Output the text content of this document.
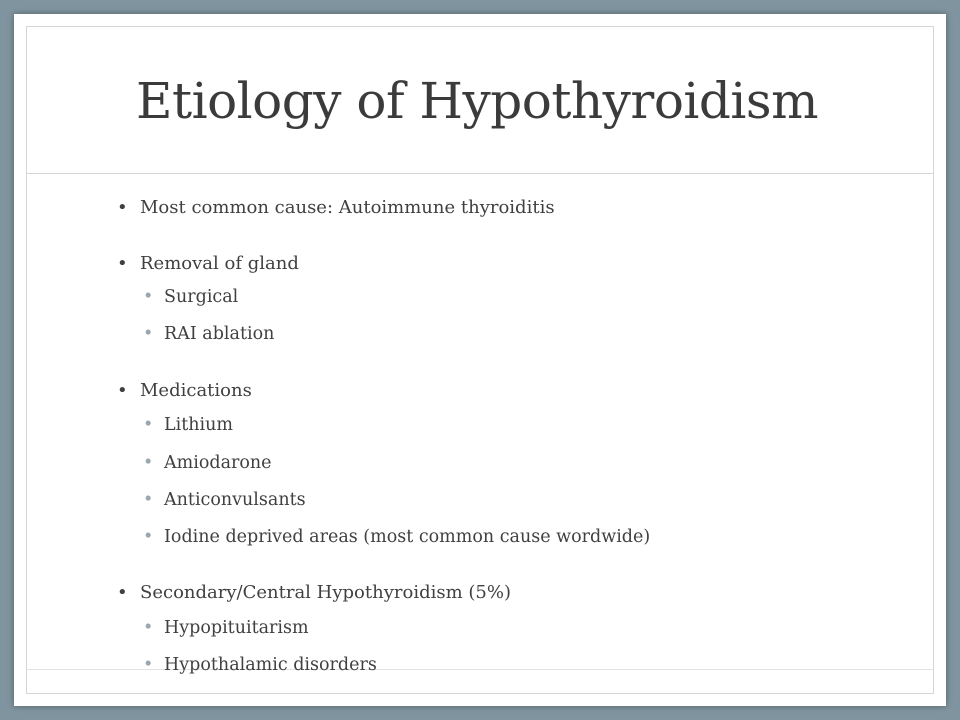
Etiology of Hypothyroidism
• Most common cause: Autoimmune thyroiditis
• Removal of gland
• Surgical
• RAI ablation
• Medications
• Lithium
• Amiodarone
• Anticonvulsants
• Iodine deprived areas (most common cause wordwide)
• Secondary/Central Hypothyroidism (5%)
• Hypopituitarism
• Hypothalamic disorders
